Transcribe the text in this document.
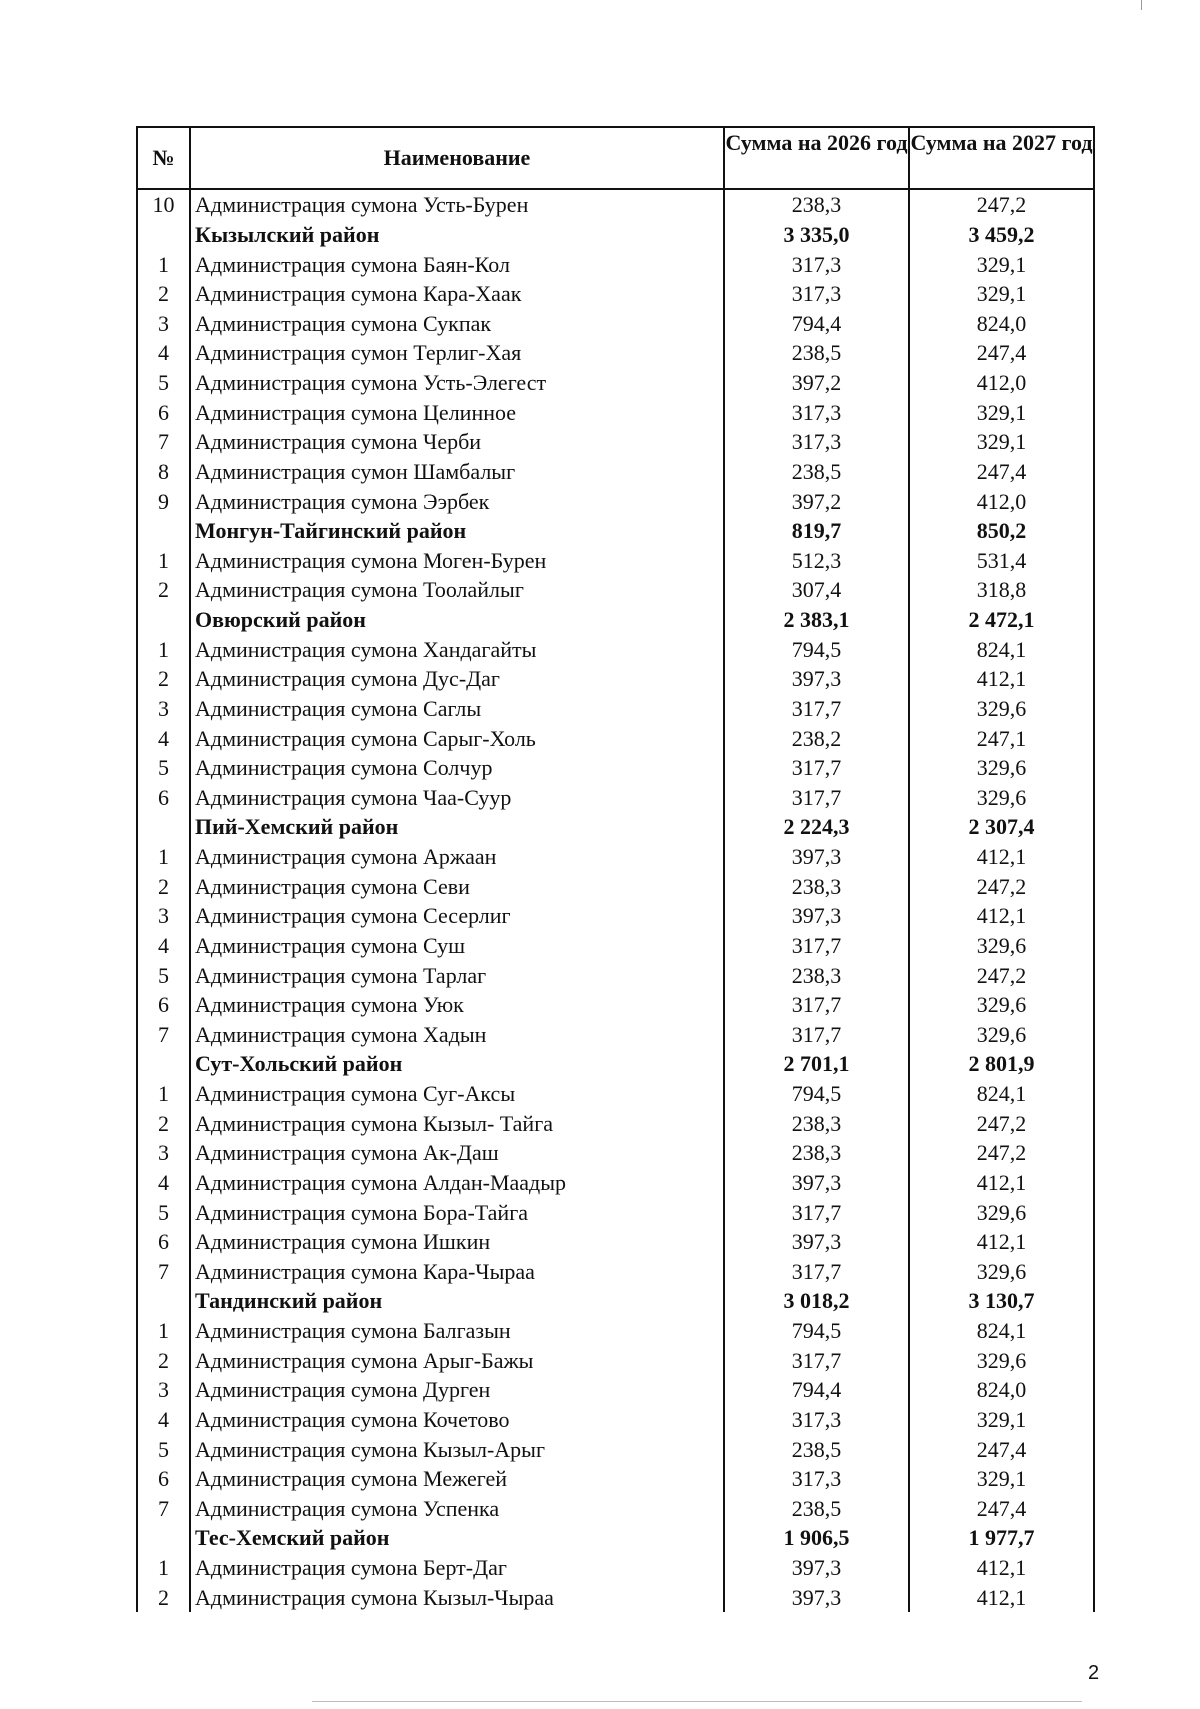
№	Наименование	Сумма на 2026 год	Сумма на 2027 год
10	Администрация сумона Усть-Бурен	238,3	247,2
	Кызылский район	3 335,0	3 459,2
1	Администрация сумона Баян-Кол	317,3	329,1
2	Администрация сумона Кара-Хаак	317,3	329,1
3	Администрация сумона Сукпак	794,4	824,0
4	Администрация сумон Терлиг-Хая	238,5	247,4
5	Администрация сумона Усть-Элегест	397,2	412,0
6	Администрация сумона Целинное	317,3	329,1
7	Администрация сумона Черби	317,3	329,1
8	Администрация сумон Шамбалыг	238,5	247,4
9	Администрация сумона Ээрбек	397,2	412,0
	Монгун-Тайгинский район	819,7	850,2
1	Администрация сумона Моген-Бурен	512,3	531,4
2	Администрация сумона Тоолайлыг	307,4	318,8
	Овюрский район	2 383,1	2 472,1
1	Администрация сумона Хандагайты	794,5	824,1
2	Администрация сумона Дус-Даг	397,3	412,1
3	Администрация сумона Саглы	317,7	329,6
4	Администрация сумона Сарыг-Холь	238,2	247,1
5	Администрация сумона Солчур	317,7	329,6
6	Администрация сумона Чаа-Суур	317,7	329,6
	Пий-Хемский район	2 224,3	2 307,4
1	Администрация сумона Аржаан	397,3	412,1
2	Администрация сумона Севи	238,3	247,2
3	Администрация сумона Сесерлиг	397,3	412,1
4	Администрация сумона Суш	317,7	329,6
5	Администрация сумона Тарлаг	238,3	247,2
6	Администрация сумона Уюк	317,7	329,6
7	Администрация сумона Хадын	317,7	329,6
	Сут-Хольский район	2 701,1	2 801,9
1	Администрация сумона Суг-Аксы	794,5	824,1
2	Администрация сумона Кызыл- Тайга	238,3	247,2
3	Администрация сумона Ак-Даш	238,3	247,2
4	Администрация сумона Алдан-Маадыр	397,3	412,1
5	Администрация сумона Бора-Тайга	317,7	329,6
6	Администрация сумона Ишкин	397,3	412,1
7	Администрация сумона Кара-Чыраа	317,7	329,6
	Тандинский район	3 018,2	3 130,7
1	Администрация сумона Балгазын	794,5	824,1
2	Администрация сумона Арыг-Бажы	317,7	329,6
3	Администрация сумона Дурген	794,4	824,0
4	Администрация сумона Кочетово	317,3	329,1
5	Администрация сумона Кызыл-Арыг	238,5	247,4
6	Администрация сумона Межегей	317,3	329,1
7	Администрация сумона Успенка	238,5	247,4
	Тес-Хемский район	1 906,5	1 977,7
1	Администрация сумона Берт-Даг	397,3	412,1
2	Администрация сумона Кызыл-Чыраа	397,3	412,1
2
